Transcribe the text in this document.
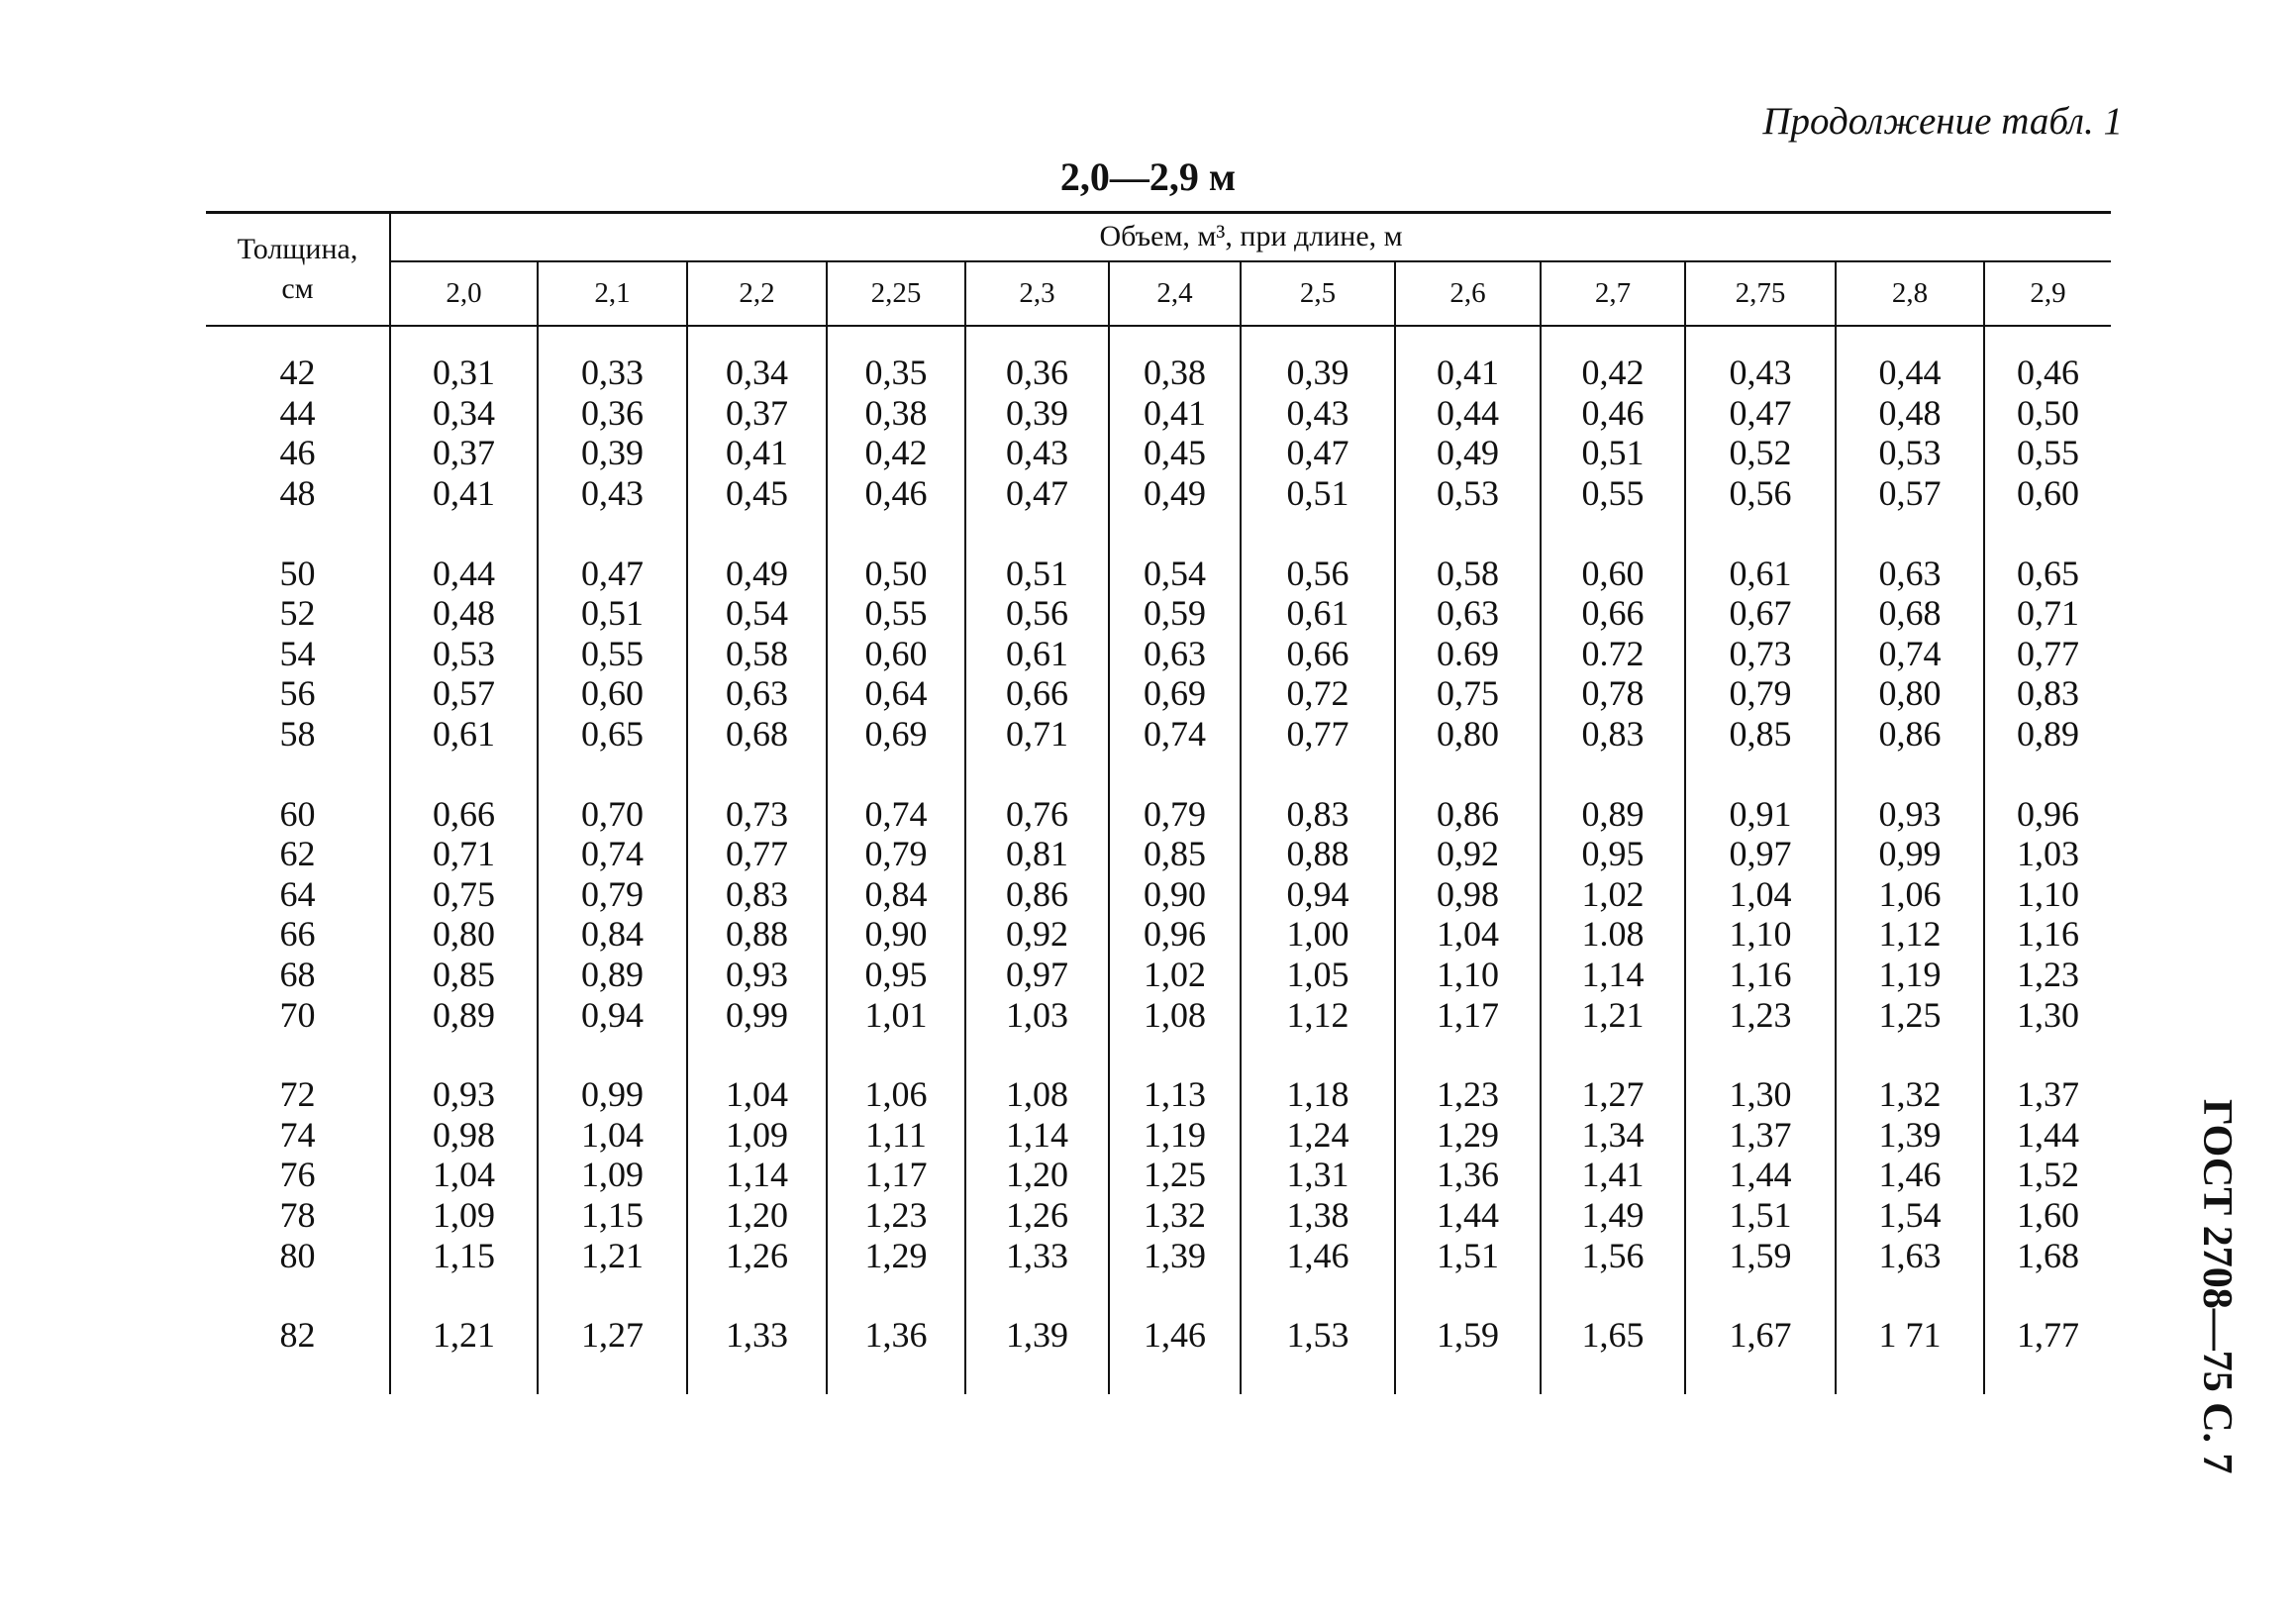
Продолжение табл. 1
2,0—2,9 м
Толщина,
см	Объем, м³, при длине, м											
	2,0	2,1	2,2	2,25	2,3	2,4	2,5	2,6	2,7	2,75	2,8	2,9
42	0,31	0,33	0,34	0,35	0,36	0,38	0,39	0,41	0,42	0,43	0,44	0,46
44	0,34	0,36	0,37	0,38	0,39	0,41	0,43	0,44	0,46	0,47	0,48	0,50
46	0,37	0,39	0,41	0,42	0,43	0,45	0,47	0,49	0,51	0,52	0,53	0,55
48	0,41	0,43	0,45	0,46	0,47	0,49	0,51	0,53	0,55	0,56	0,57	0,60
50	0,44	0,47	0,49	0,50	0,51	0,54	0,56	0,58	0,60	0,61	0,63	0,65
52	0,48	0,51	0,54	0,55	0,56	0,59	0,61	0,63	0,66	0,67	0,68	0,71
54	0,53	0,55	0,58	0,60	0,61	0,63	0,66	0.69	0.72	0,73	0,74	0,77
56	0,57	0,60	0,63	0,64	0,66	0,69	0,72	0,75	0,78	0,79	0,80	0,83
58	0,61	0,65	0,68	0,69	0,71	0,74	0,77	0,80	0,83	0,85	0,86	0,89
60	0,66	0,70	0,73	0,74	0,76	0,79	0,83	0,86	0,89	0,91	0,93	0,96
62	0,71	0,74	0,77	0,79	0,81	0,85	0,88	0,92	0,95	0,97	0,99	1,03
64	0,75	0,79	0,83	0,84	0,86	0,90	0,94	0,98	1,02	1,04	1,06	1,10
66	0,80	0,84	0,88	0,90	0,92	0,96	1,00	1,04	1.08	1,10	1,12	1,16
68	0,85	0,89	0,93	0,95	0,97	1,02	1,05	1,10	1,14	1,16	1,19	1,23
70	0,89	0,94	0,99	1,01	1,03	1,08	1,12	1,17	1,21	1,23	1,25	1,30
72	0,93	0,99	1,04	1,06	1,08	1,13	1,18	1,23	1,27	1,30	1,32	1,37
74	0,98	1,04	1,09	1,11	1,14	1,19	1,24	1,29	1,34	1,37	1,39	1,44
76	1,04	1,09	1,14	1,17	1,20	1,25	1,31	1,36	1,41	1,44	1,46	1,52
78	1,09	1,15	1,20	1,23	1,26	1,32	1,38	1,44	1,49	1,51	1,54	1,60
80	1,15	1,21	1,26	1,29	1,33	1,39	1,46	1,51	1,56	1,59	1,63	1,68
82	1,21	1,27	1,33	1,36	1,39	1,46	1,53	1,59	1,65	1,67	1 71	1,77	ГОСТ 2708—75 С. 7
